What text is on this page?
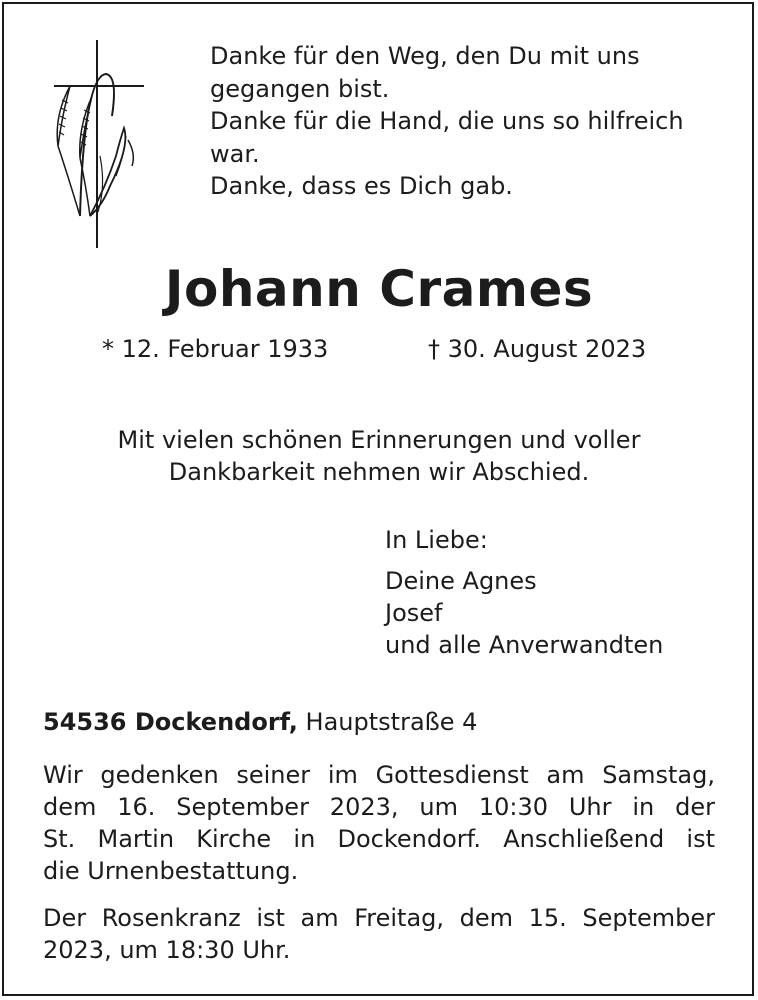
Danke für den Weg, den Du mit uns
gegangen bist.
Danke für die Hand, die uns so hilfreich
war.
Danke, dass es Dich gab.
Johann Crames
* 12. Februar 1933	† 30. August 2023
Mit vielen schönen Erinnerungen und voller
Dankbarkeit nehmen wir Abschied.
In Liebe:
Deine Agnes
Josef
und alle Anverwandten
54536 Dockendorf, Hauptstraße 4
Wir gedenken seiner im Gottesdienst am Samstag,
dem 16. September 2023, um 10:30 Uhr in der
St. Martin Kirche in Dockendorf. Anschließend ist
die Urnenbestattung.
Der Rosenkranz ist am Freitag, dem 15. September
2023, um 18:30 Uhr.
